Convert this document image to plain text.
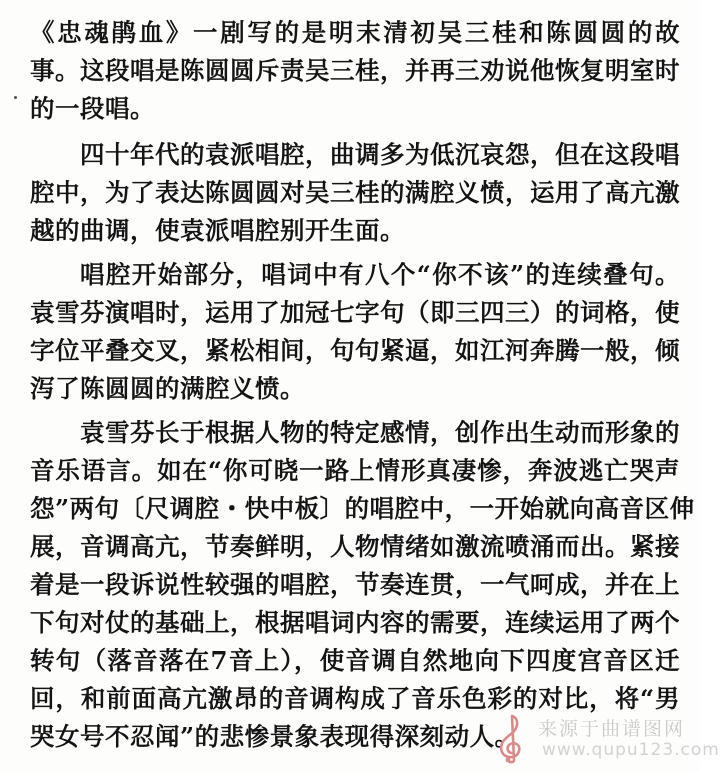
《忠魂鹃血》一剧写的是明末清初吴三桂和陈圆圆的故
事。这段唱是陈圆圆斥责吴三桂，并再三劝说他恢复明室时
的一段唱。
四十年代的袁派唱腔，曲调多为低沉哀怨，但在这段唱
腔中，为了表达陈圆圆对吴三桂的满腔义愤，运用了高亢激
越的曲调，使袁派唱腔别开生面。
唱腔开始部分，唱词中有八个“你不该”的连续叠句。
袁雪芬演唱时，运用了加冠七字句（即三四三）的词格，使
字位平叠交叉，紧松相间，句句紧逼，如江河奔腾一般，倾
泻了陈圆圆的满腔义愤。
袁雪芬长于根据人物的特定感情，创作出生动而形象的
音乐语言。如在“你可晓一路上情形真凄惨，奔波逃亡哭声
怨”两句〔尺调腔・快中板〕的唱腔中，一开始就向高音区伸
展，音调高亢，节奏鲜明，人物情绪如激流喷涌而出。紧接
着是一段诉说性较强的唱腔，节奏连贯，一气呵成，并在上
下句对仗的基础上，根据唱词内容的需要，连续运用了两个
转句（落音落在7音上），使音调自然地向下四度宫音区迁
回，和前面高亢激昂的音调构成了音乐色彩的对比，将“男
哭女号不忍闻”的悲惨景象表现得深刻动人。 来源于曲谱图网
www.qupu123.com
